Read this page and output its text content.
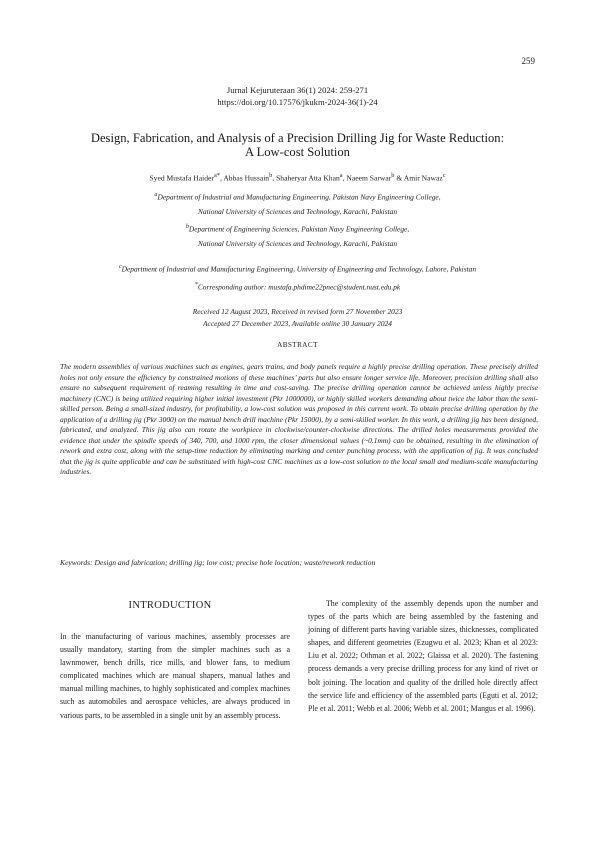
259
Jurnal Kejuruteraan 36(1) 2024: 259-271
https://doi.org/10.17576/jkukm-2024-36(1)-24
Design, Fabrication, and Analysis of a Precision Drilling Jig for Waste Reduction:
A Low-cost Solution
Syed Mustafa Haider$^{a*}$, Abbas Hussain$^b$, Shaheryar Atta Khan$^a$, Naeem Sarwar$^b$ & Amir Nawaz$^c$
$^a$Department of Industrial and Manufacturing Engineering, Pakistan Navy Engineering College,
National University of Sciences and Technology, Karachi, Pakistan
$^b$Department of Engineering Sciences, Pakistan Navy Engineering College,
National University of Sciences and Technology, Karachi, Pakistan
$^c$Department of Industrial and Manufacturing Engineering, University of Engineering and Technology, Lahore, Pakistan
*Corresponding author: mustafa.phdime22pnec@student.nust.edu.pk
Received 12 August 2023, Received in revised form 27 November 2023
Accepted 27 December 2023, Available online 30 January 2024
ABSTRACT
The modern assemblies of various machines such as engines, gears trains, and body panels require a highly precise drilling operation. These precisely drilled holes not only ensure the efficiency by constrained motions of these machines’ parts but also ensure longer service life. Moreover, precision drilling shall also ensure no subsequent requirement of reaming resulting in time and cost-saving. The precise drilling operation cannot be achieved unless highly precise machinery (CNC) is being utilized requiring higher initial investment (Pkr 1000000), or highly skilled workers demanding about twice the labor than the semi-skilled person. Being a small-sized industry, for profitability, a low-cost solution was proposed in this current work. To obtain precise drilling operation by the application of a drilling jig (Pkr 3000) on the manual bench drill machine (Pkr 15000), by a semi-skilled worker. In this work, a drilling jig has been designed, fabricated, and analyzed. This jig also can rotate the workpiece in clockwise/counter-clockwise directions. The drilled holes measurements provided the evidence that under the spindle speeds of 340, 700, and 1000 rpm, the closer dimensional values (~0.1mm) can be obtained, resulting in the elimination of rework and extra cost, along with the setup-time reduction by eliminating marking and center punching process, with the application of jig. It was concluded that the jig is quite applicable and can be substituted with high-cost CNC machines as a low-cost solution to the local small and medium-scale manufacturing industries.
Keywords: Design and fabrication; drilling jig; low cost; precise hole location; waste/rework reduction
INTRODUCTION

In the manufacturing of various machines, assembly processes are usually mandatory, starting from the simpler machines such as a lawnmower, bench drills, rice mills, and blower fans, to medium complicated machines which are manual shapers, manual lathes and manual milling machines, to highly sophisticated and complex machines such as automobiles and aerospace vehicles, are always produced in various parts, to be assembled in a single unit by an assembly process.

The complexity of the assembly depends upon the number and types of the parts which are being assembled by the fastening and joining of different parts having variable sizes, thicknesses, complicated shapes, and different geometries (Ezugwu et al. 2023; Khan et al 2023: Liu et al. 2022; Othman et al. 2022; Glaissa et al. 2020). The fastening process demands a very precise drilling process for any kind of rivet or bolt joining. The location and quality of the drilled hole directly affect the service life and efficiency of the assembled parts (Eguti et al. 2012; Ple et al. 2011; Webb et al. 2006; Webb et al. 2001; Mangus et al. 1996).
